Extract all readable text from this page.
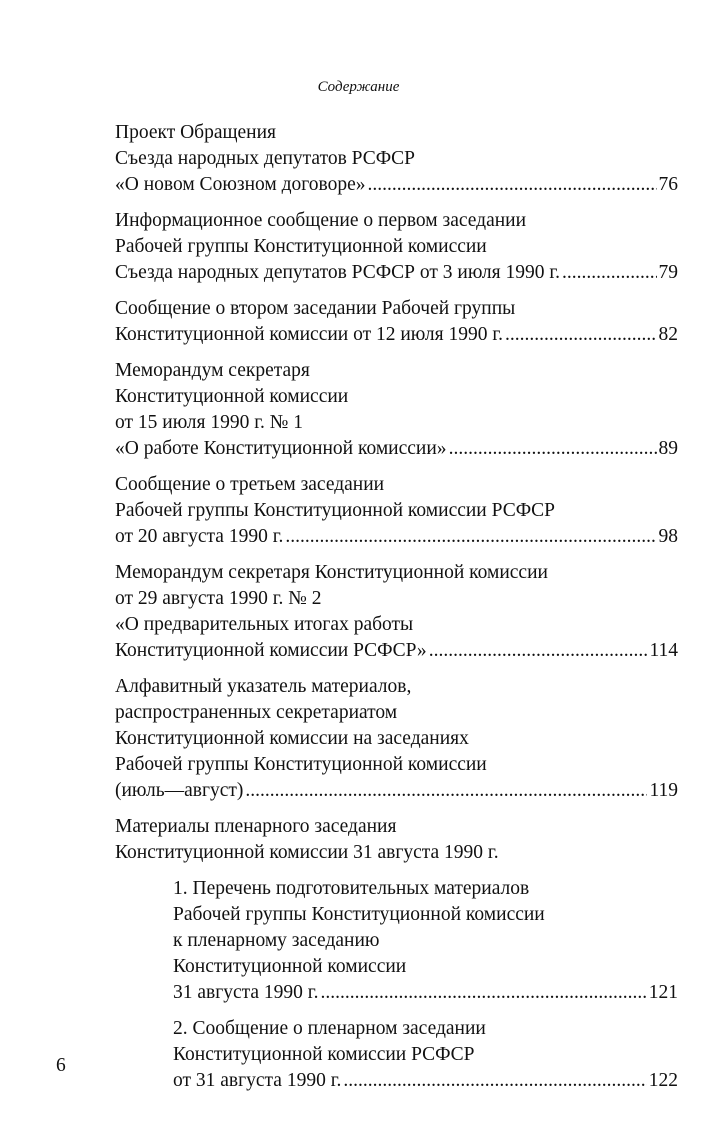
Содержание
Проект Обращения
Съезда народных депутатов РСФСР
«О новом Союзном договоре» .....	76
Информационное сообщение о первом заседании
Рабочей группы Конституционной комиссии
Съезда народных депутатов РСФСР от 3 июля 1990 г. .....	79
Сообщение о втором заседании Рабочей группы
Конституционной комиссии от 12 июля 1990 г. .....	82
Меморандум секретаря
Конституционной комиссии
от 15 июля 1990 г. № 1
«О работе Конституционной комиссии» .....	89
Сообщение о третьем заседании
Рабочей группы Конституционной комиссии РСФСР
от 20 августа 1990 г. .....	98
Меморандум секретаря Конституционной комиссии
от 29 августа 1990 г. № 2
«О предварительных итогах работы
Конституционной комиссии РСФСР» .....	114
Алфавитный указатель материалов,
распространенных секретариатом
Конституционной комиссии на заседаниях
Рабочей группы Конституционной комиссии
(июль—август) .....	119
Материалы пленарного заседания
Конституционной комиссии 31 августа 1990 г.
1. Перечень подготовительных материалов
Рабочей группы Конституционной комиссии
к пленарному заседанию
Конституционной комиссии
31 августа 1990 г. .....	121
2. Сообщение о пленарном заседании
Конституционной комиссии РСФСР
от 31 августа 1990 г. .....	122
6
